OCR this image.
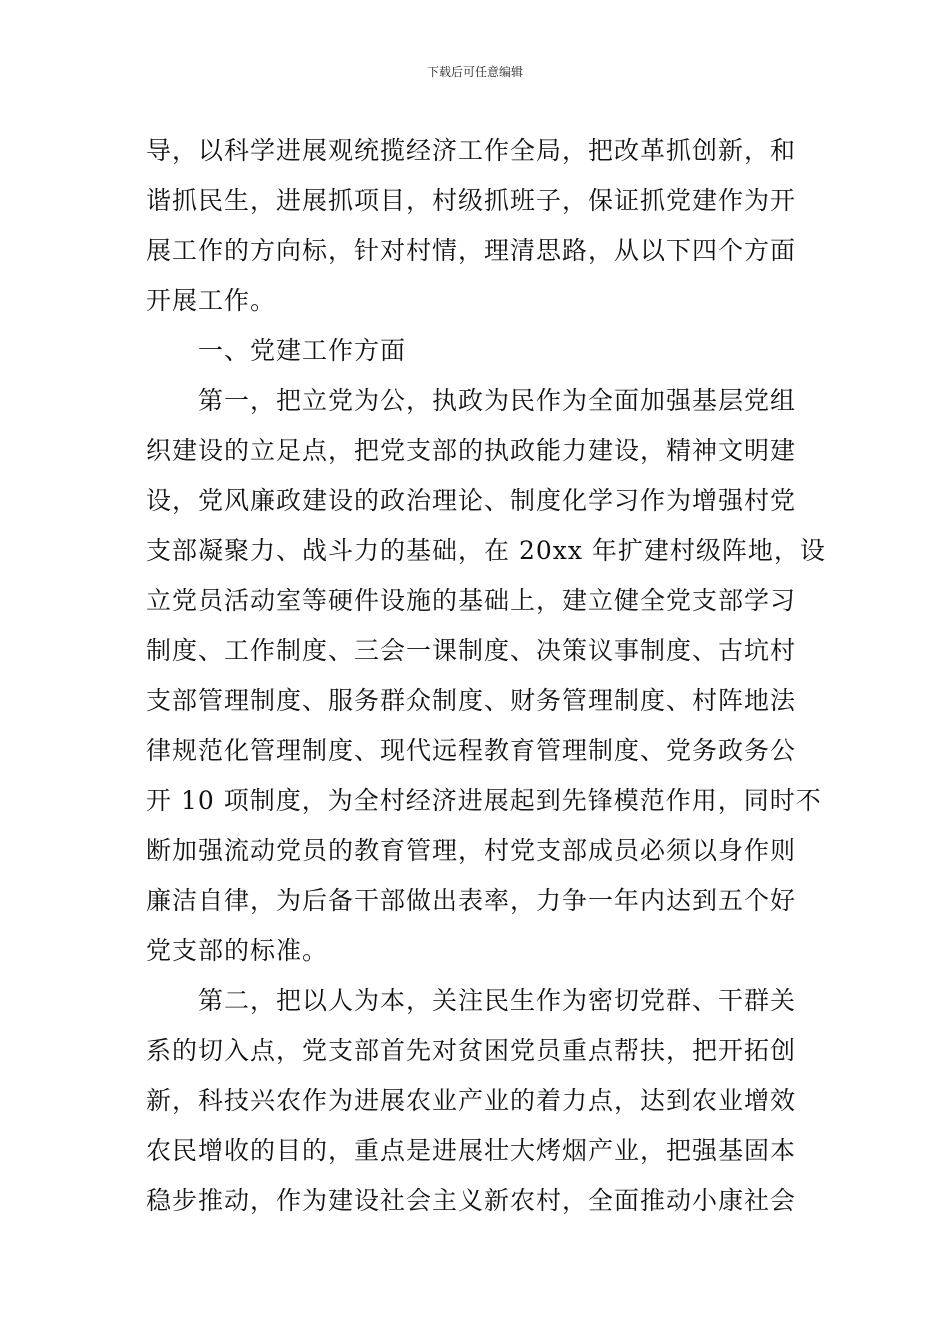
下载后可任意编辑
导，以科学进展观统揽经济工作全局，把改革抓创新，和
谐抓民生，进展抓项目，村级抓班子，保证抓党建作为开
展工作的方向标，针对村情，理清思路，从以下四个方面
开展工作。
　　一、党建工作方面
　　第一，把立党为公，执政为民作为全面加强基层党组
织建设的立足点，把党支部的执政能力建设，精神文明建
设，党风廉政建设的政治理论、制度化学习作为增强村党
支部凝聚力、战斗力的基础，在 20xx 年扩建村级阵地，设
立党员活动室等硬件设施的基础上，建立健全党支部学习
制度、工作制度、三会一课制度、决策议事制度、古坑村
支部管理制度、服务群众制度、财务管理制度、村阵地法
律规范化管理制度、现代远程教育管理制度、党务政务公
开 10 项制度，为全村经济进展起到先锋模范作用，同时不
断加强流动党员的教育管理，村党支部成员必须以身作则
廉洁自律，为后备干部做出表率，力争一年内达到五个好
党支部的标准。
　　第二，把以人为本，关注民生作为密切党群、干群关
系的切入点，党支部首先对贫困党员重点帮扶，把开拓创
新，科技兴农作为进展农业产业的着力点，达到农业增效
农民增收的目的，重点是进展壮大烤烟产业，把强基固本
稳步推动，作为建设社会主义新农村，全面推动小康社会
